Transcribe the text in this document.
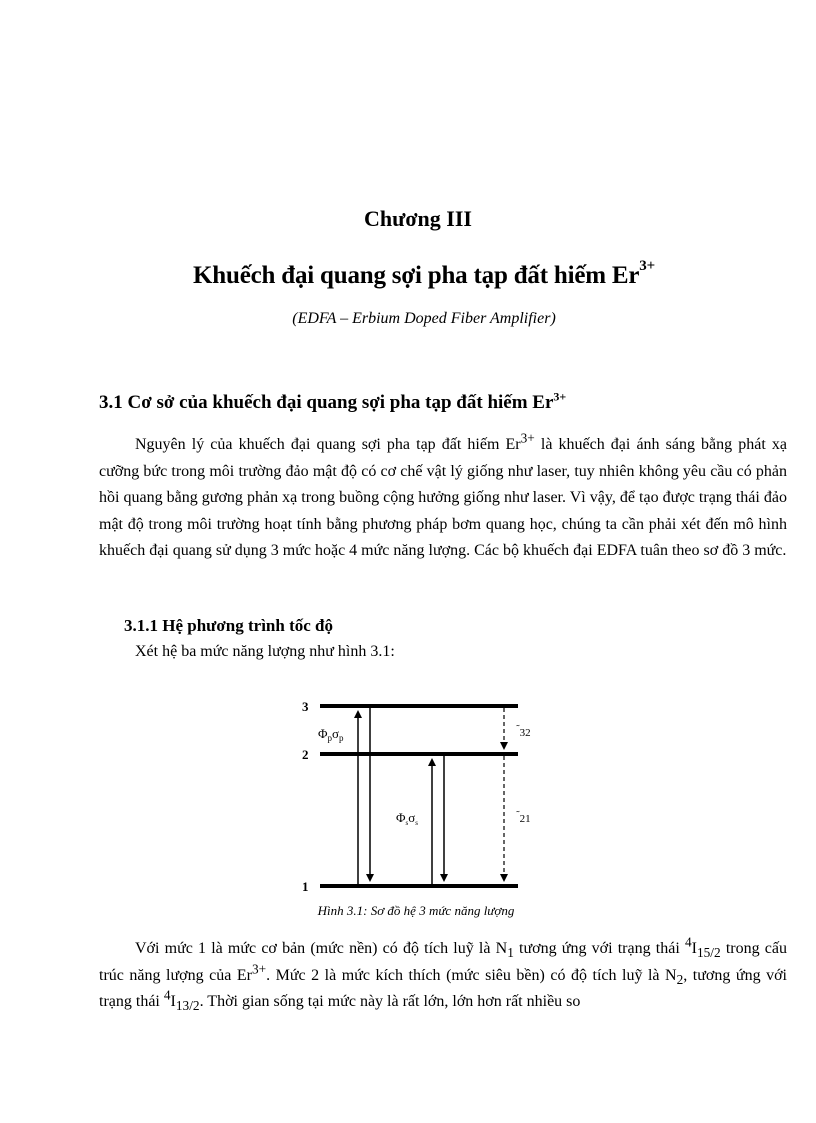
Chương III
Khuếch đại quang sợi pha tạp đất hiếm $Er^{3+}$
(EDFA – Erbium Doped Fiber Amplifier)
3.1 Cơ sở của khuếch đại quang sợi pha tạp đất hiếm $Er^{3+}$
Nguyên lý của khuếch đại quang sợi pha tạp đất hiếm $Er^{3+}$ là khuếch đại ánh sáng bằng phát xạ cưỡng bức trong môi trường đảo mật độ có cơ chế vật lý giống như laser, tuy nhiên không yêu cầu có phản hồi quang bằng gương phản xạ trong buồng cộng hưởng giống như laser. Vì vậy, để tạo được trạng thái đảo mật độ trong môi trường hoạt tính bằng phương pháp bơm quang học, chúng ta cần phải xét đến mô hình khuếch đại quang sử dụng 3 mức hoặc 4 mức năng lượng. Các bộ khuếch đại EDFA tuân theo sơ đồ 3 mức.
3.1.1 Hệ phương trình tốc độ
Xét hệ ba mức năng lượng như hình 3.1:
3
2
1
$\Phi_p\sigma_p$
$\Phi_s\sigma_s$
˜32
˜21
Hình 3.1: Sơ đồ hệ 3 mức năng lượng
Với mức 1 là mức cơ bản (mức nền) có độ tích luỹ là $N_1$ tương ứng với trạng thái $^4I_{15/2}$ trong cấu trúc năng lượng của $Er^{3+}$. Mức 2 là mức kích thích (mức siêu bền) có độ tích luỹ là $N_2$, tương ứng với trạng thái $^4I_{13/2}$. Thời gian sống tại mức này là rất lớn, lớn hơn rất nhiều so
